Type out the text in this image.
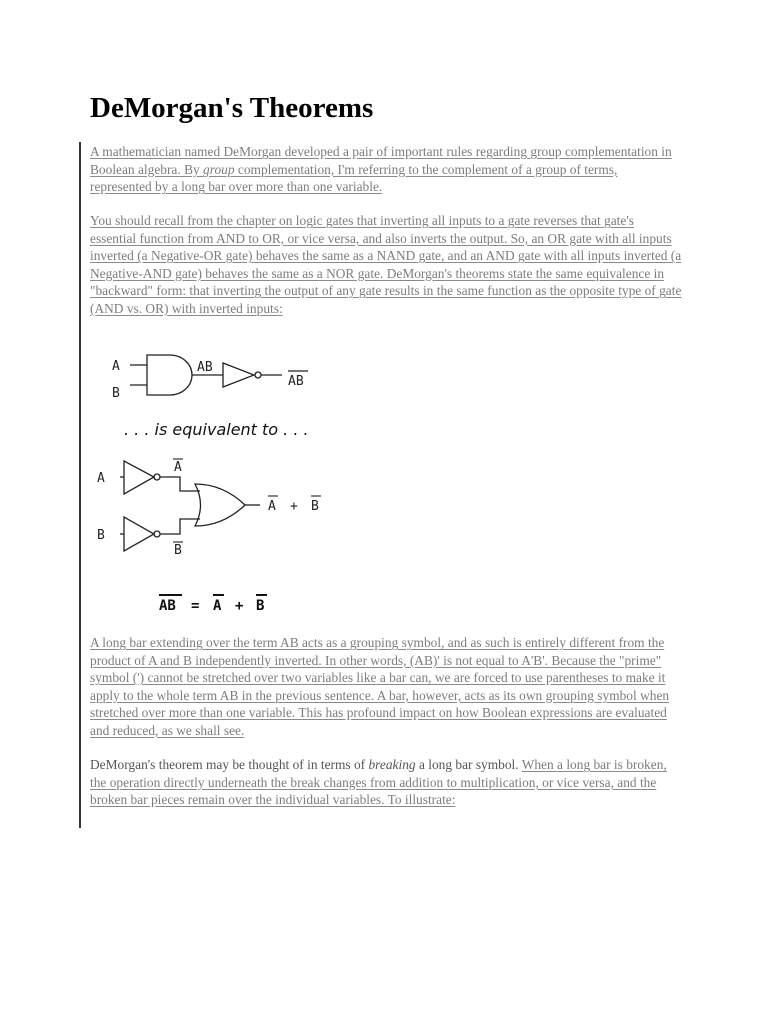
DeMorgan's Theorems

A mathematician named DeMorgan developed a pair of important rules regarding group complementation in Boolean algebra. By group complementation, I'm referring to the complement of a group of terms, represented by a long bar over more than one variable.

You should recall from the chapter on logic gates that inverting all inputs to a gate reverses that gate's essential function from AND to OR, or vice versa, and also inverts the output. So, an OR gate with all inputs inverted (a Negative-OR gate) behaves the same as a NAND gate, and an AND gate with all inputs inverted (a Negative-AND gate) behaves the same as a NOR gate. DeMorgan's theorems state the same equivalence in "backward" form: that inverting the output of any gate results in the same function as the opposite type of gate (AND vs. OR) with inverted inputs:

A
B
AB
AB
. . . is equivalent to . . .
A
A
B
B
A + B
AB = A + B

A long bar extending over the term AB acts as a grouping symbol, and as such is entirely different from the product of A and B independently inverted. In other words, (AB)' is not equal to A'B'. Because the "prime" symbol (') cannot be stretched over two variables like a bar can, we are forced to use parentheses to make it apply to the whole term AB in the previous sentence. A bar, however, acts as its own grouping symbol when stretched over more than one variable. This has profound impact on how Boolean expressions are evaluated and reduced, as we shall see.

DeMorgan's theorem may be thought of in terms of breaking a long bar symbol. When a long bar is broken, the operation directly underneath the break changes from addition to multiplication, or vice versa, and the broken bar pieces remain over the individual variables. To illustrate:
